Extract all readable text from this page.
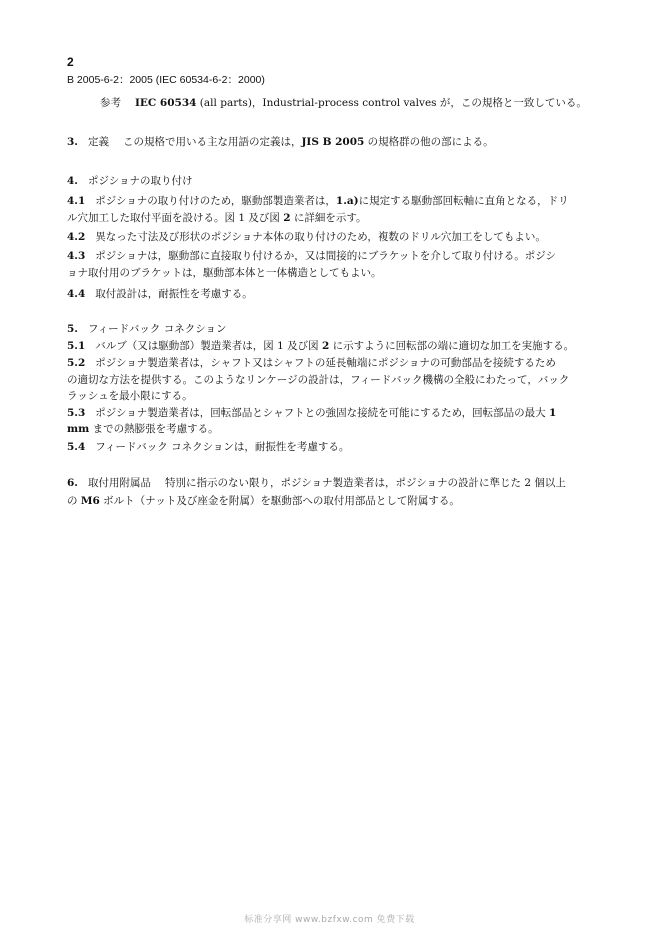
2
B 2005-6-2：2005 (IEC 60534-6-2：2000)
参考 IEC 60534 (all parts)，Industrial-process control valves が，この規格と一致している。
3. 定義 この規格で用いる主な用語の定義は，JIS B 2005 の規格群の他の部による。
4. ポジショナの取り付け
4.1 ポジショナの取り付けのため，駆動部製造業者は，1.a)に規定する駆動部回転軸に直角となる，ドリ
ル穴加工した取付平面を設ける。図 1 及び図 2 に詳細を示す。
4.2 異なった寸法及び形状のポジショナ本体の取り付けのため，複数のドリル穴加工をしてもよい。
4.3 ポジショナは，駆動部に直接取り付けるか，又は間接的にブラケットを介して取り付ける。ポジシ
ョナ取付用のブラケットは，駆動部本体と一体構造としてもよい。
4.4 取付設計は，耐振性を考慮する。
5. フィードバック コネクション
5.1 バルブ（又は駆動部）製造業者は，図 1 及び図 2 に示すように回転部の端に適切な加工を実施する。
5.2 ポジショナ製造業者は，シャフト又はシャフトの延長軸端にポジショナの可動部品を接続するため
の適切な方法を提供する。このようなリンケージの設計は，フィードバック機構の全般にわたって，バック
ラッシュを最小限にする。
5.3 ポジショナ製造業者は，回転部品とシャフトとの強固な接続を可能にするため，回転部品の最大 1
mm までの熱膨張を考慮する。
5.4 フィードバック コネクションは，耐振性を考慮する。
6. 取付用附属品 特別に指示のない限り，ポジショナ製造業者は，ポジショナの設計に準じた 2 個以上
の M6 ボルト（ナット及び座金を附属）を駆動部への取付用部品として附属する。
标准分享网 www.bzfxw.com 免费下载
